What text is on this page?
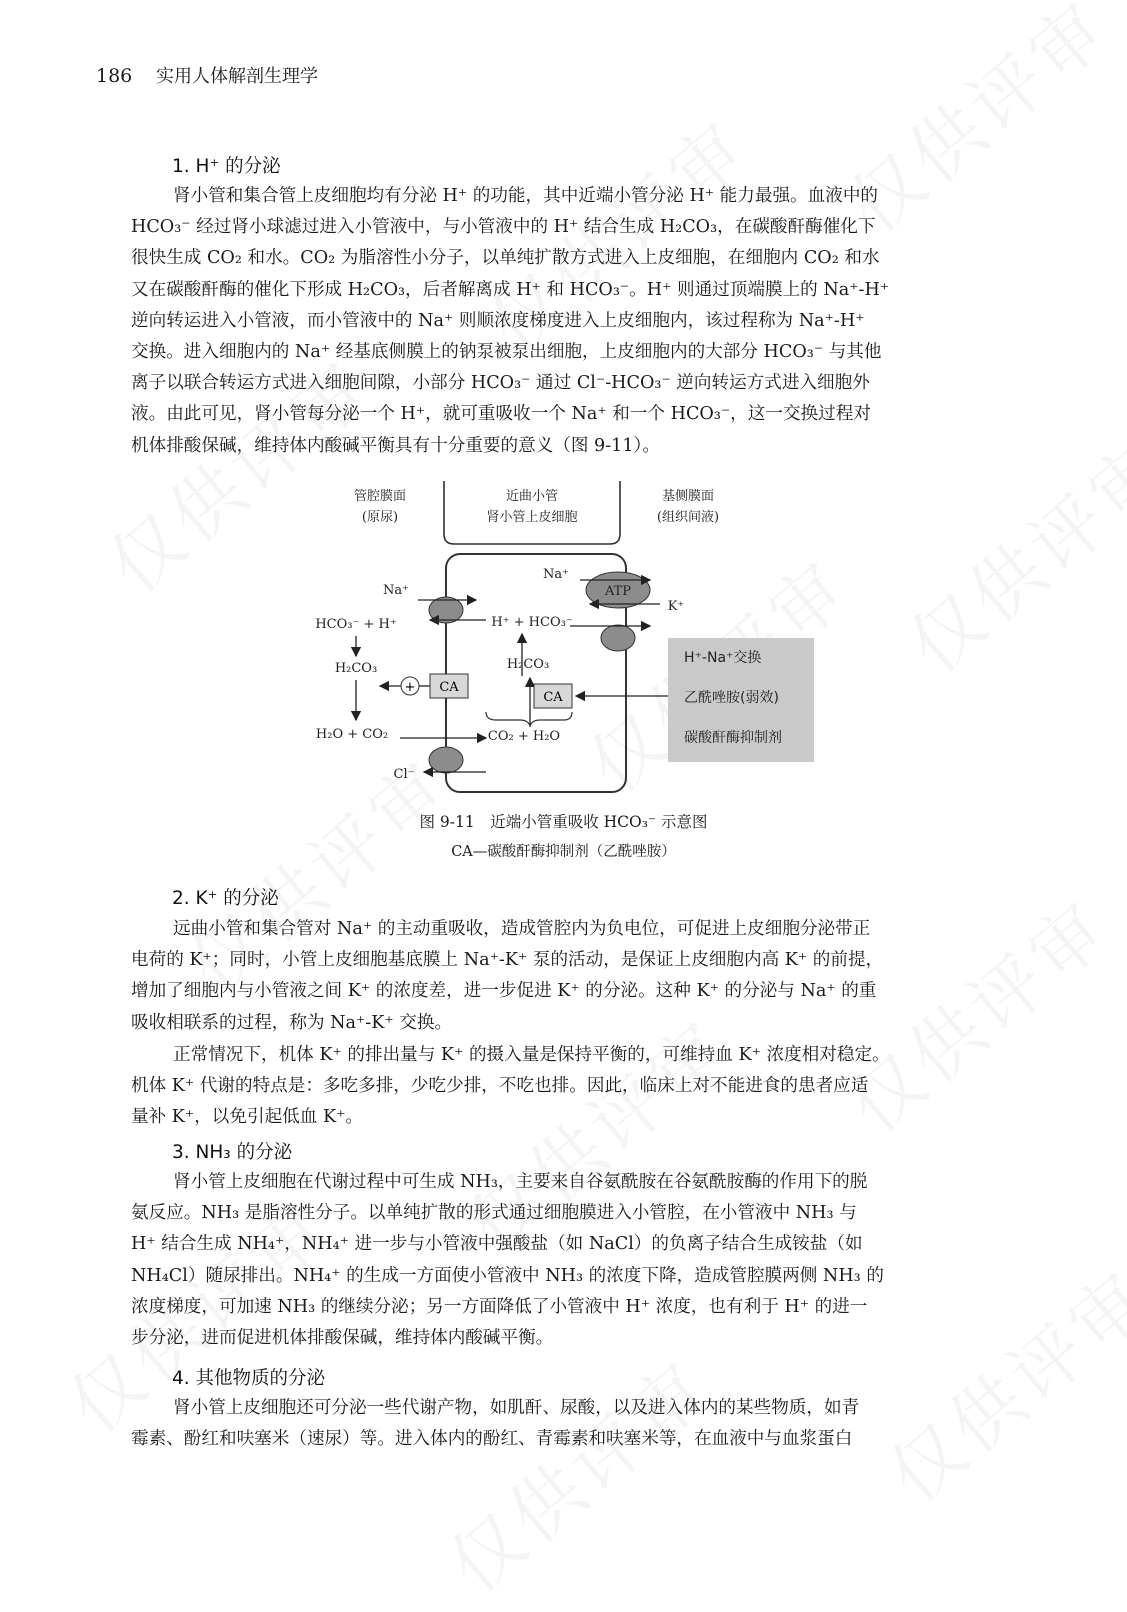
186 实用人体解剖生理学
1. H⁺ 的分泌
肾小管和集合管上皮细胞均有分泌 H⁺ 的功能，其中近端小管分泌 H⁺ 能力最强。血液中的
HCO₃⁻ 经过肾小球滤过进入小管液中，与小管液中的 H⁺ 结合生成 H₂CO₃，在碳酸酐酶催化下
很快生成 CO₂ 和水。CO₂ 为脂溶性小分子，以单纯扩散方式进入上皮细胞，在细胞内 CO₂ 和水
又在碳酸酐酶的催化下形成 H₂CO₃，后者解离成 H⁺ 和 HCO₃⁻。H⁺ 则通过顶端膜上的 Na⁺-H⁺
逆向转运进入小管液，而小管液中的 Na⁺ 则顺浓度梯度进入上皮细胞内，该过程称为 Na⁺-H⁺
交换。进入细胞内的 Na⁺ 经基底侧膜上的钠泵被泵出细胞，上皮细胞内的大部分 HCO₃⁻ 与其他
离子以联合转运方式进入细胞间隙，小部分 HCO₃⁻ 通过 Cl⁻-HCO₃⁻ 逆向转运方式进入细胞外
液。由此可见，肾小管每分泌一个 H⁺，就可重吸收一个 Na⁺ 和一个 HCO₃⁻，这一交换过程对
机体排酸保碱，维持体内酸碱平衡具有十分重要的意义（图 9-11）。
管腔膜面
(原尿)
近曲小管
肾小管上皮细胞
基侧膜面
(组织间液)
ATP
Na⁺
Na⁺
K⁺
HCO₃⁻ + H⁺	H⁺ + HCO₃⁻
H₂CO₃	H₂CO₃
H₂O + CO₂	CO₂ + H₂O
Cl⁻
+ CA
CA
H⁺-Na⁺交换
乙酰唑胺(弱效)
碳酸酐酶抑制剂
图 9-11　近端小管重吸收 HCO₃⁻ 示意图
CA—碳酸酐酶抑制剂（乙酰唑胺）
2. K⁺ 的分泌
远曲小管和集合管对 Na⁺ 的主动重吸收，造成管腔内为负电位，可促进上皮细胞分泌带正
电荷的 K⁺；同时，小管上皮细胞基底膜上 Na⁺-K⁺ 泵的活动，是保证上皮细胞内高 K⁺ 的前提，
增加了细胞内与小管液之间 K⁺ 的浓度差，进一步促进 K⁺ 的分泌。这种 K⁺ 的分泌与 Na⁺ 的重
吸收相联系的过程，称为 Na⁺-K⁺ 交换。
正常情况下，机体 K⁺ 的排出量与 K⁺ 的摄入量是保持平衡的，可维持血 K⁺ 浓度相对稳定。
机体 K⁺ 代谢的特点是：多吃多排，少吃少排，不吃也排。因此，临床上对不能进食的患者应适
量补 K⁺，以免引起低血 K⁺。
3. NH₃ 的分泌
肾小管上皮细胞在代谢过程中可生成 NH₃，主要来自谷氨酰胺在谷氨酰胺酶的作用下的脱
氨反应。NH₃ 是脂溶性分子。以单纯扩散的形式通过细胞膜进入小管腔，在小管液中 NH₃ 与
H⁺ 结合生成 NH₄⁺，NH₄⁺ 进一步与小管液中强酸盐（如 NaCl）的负离子结合生成铵盐（如
NH₄Cl）随尿排出。NH₄⁺ 的生成一方面使小管液中 NH₃ 的浓度下降，造成管腔膜两侧 NH₃ 的
浓度梯度，可加速 NH₃ 的继续分泌；另一方面降低了小管液中 H⁺ 浓度，也有利于 H⁺ 的进一
步分泌，进而促进机体排酸保碱，维持体内酸碱平衡。
4. 其他物质的分泌
肾小管上皮细胞还可分泌一些代谢产物，如肌酐、尿酸，以及进入体内的某些物质，如青
霉素、酚红和呋塞米（速尿）等。进入体内的酚红、青霉素和呋塞米等，在血液中与血浆蛋白
